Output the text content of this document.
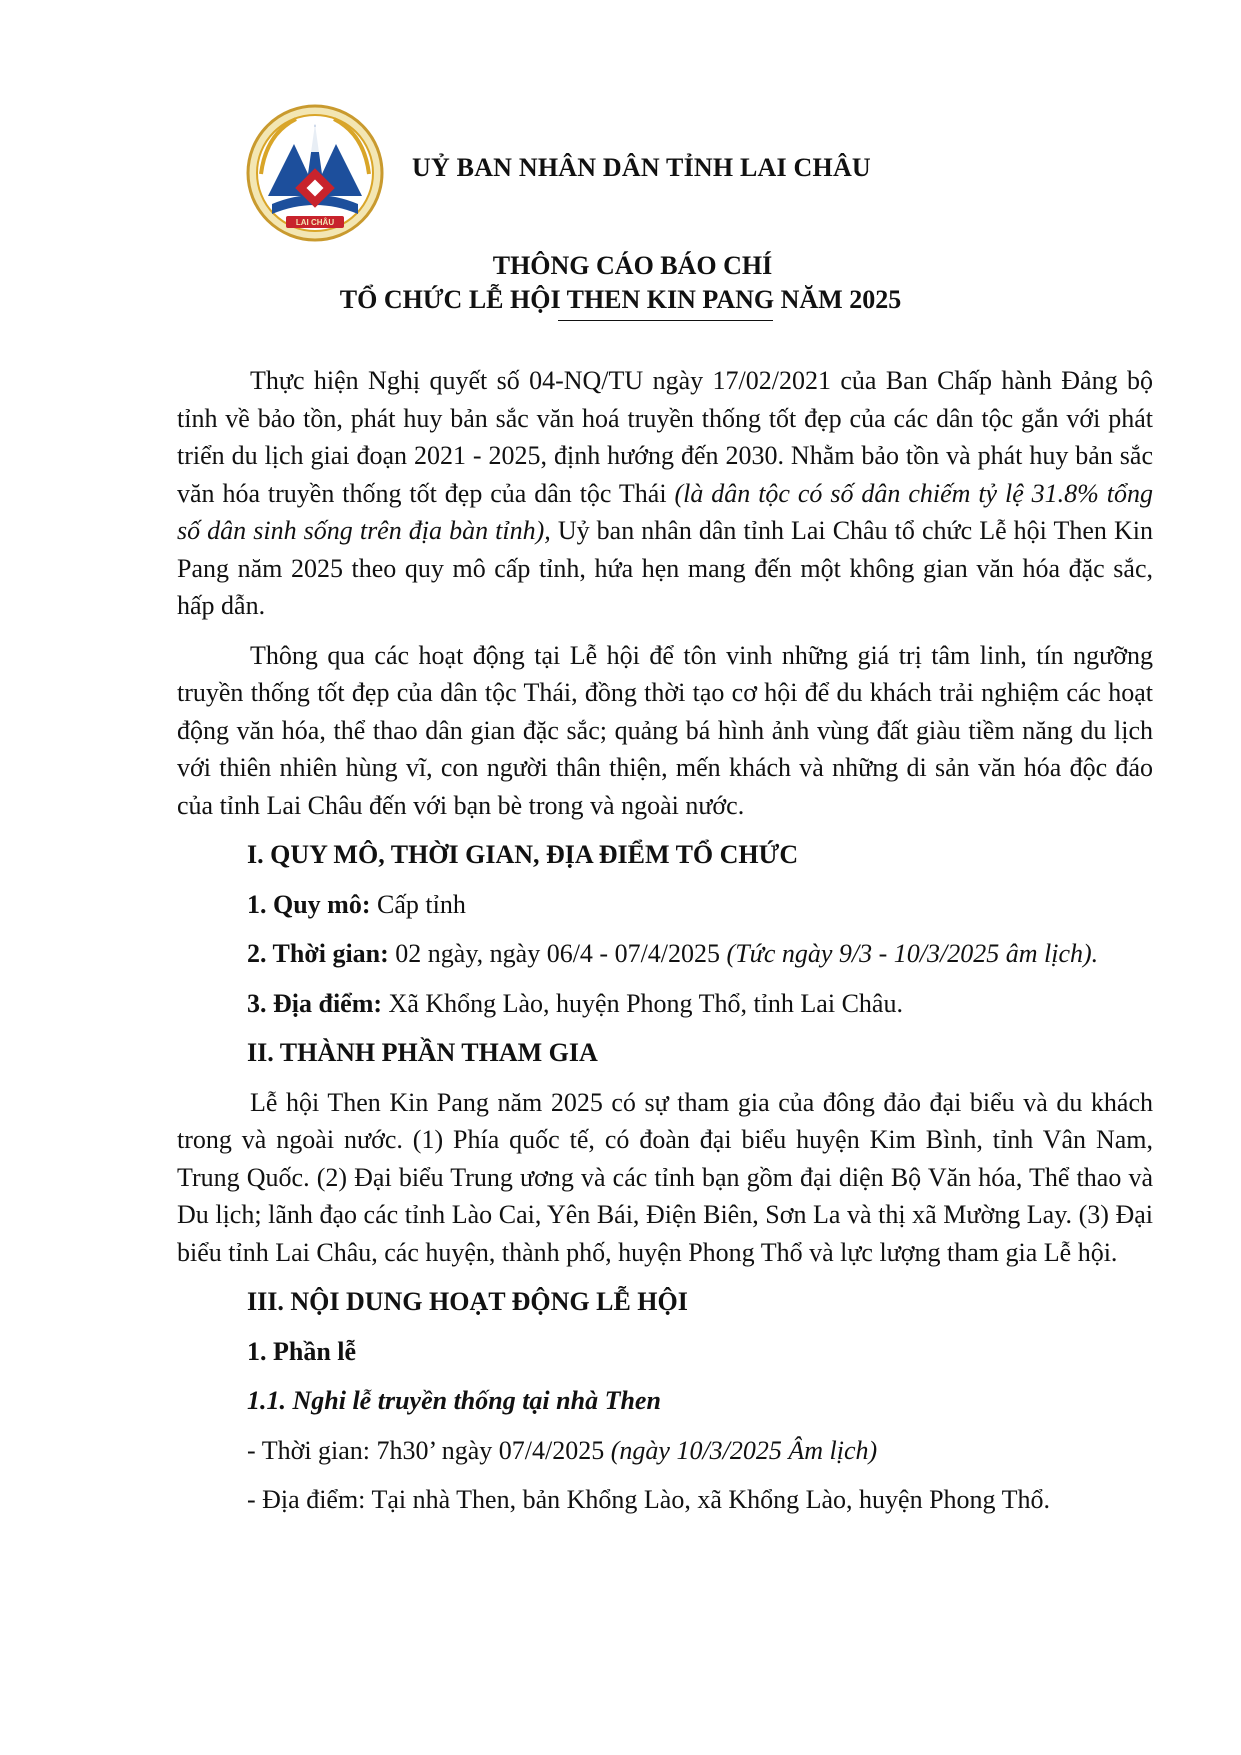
LAI CHÂU
UỶ BAN NHÂN DÂN TỈNH LAI CHÂU
THÔNG CÁO BÁO CHÍ
TỔ CHỨC LỄ HỘI THEN KIN PANG NĂM 2025

Thực hiện Nghị quyết số 04-NQ/TU ngày 17/02/2021 của Ban Chấp hành Đảng bộ tỉnh về bảo tồn, phát huy bản sắc văn hoá truyền thống tốt đẹp của các dân tộc gắn với phát triển du lịch giai đoạn 2021 - 2025, định hướng đến 2030. Nhằm bảo tồn và phát huy bản sắc văn hóa truyền thống tốt đẹp của dân tộc Thái (là dân tộc có số dân chiếm tỷ lệ 31.8% tổng số dân sinh sống trên địa bàn tỉnh), Uỷ ban nhân dân tỉnh Lai Châu tổ chức Lễ hội Then Kin Pang năm 2025 theo quy mô cấp tỉnh, hứa hẹn mang đến một không gian văn hóa đặc sắc, hấp dẫn.

Thông qua các hoạt động tại Lễ hội để tôn vinh những giá trị tâm linh, tín ngưỡng truyền thống tốt đẹp của dân tộc Thái, đồng thời tạo cơ hội để du khách trải nghiệm các hoạt động văn hóa, thể thao dân gian đặc sắc; quảng bá hình ảnh vùng đất giàu tiềm năng du lịch với thiên nhiên hùng vĩ, con người thân thiện, mến khách và những di sản văn hóa độc đáo của tỉnh Lai Châu đến với bạn bè trong và ngoài nước.

I. QUY MÔ, THỜI GIAN, ĐỊA ĐIỂM TỔ CHỨC
1. Quy mô: Cấp tỉnh
2. Thời gian: 02 ngày, ngày 06/4 - 07/4/2025 (Tức ngày 9/3 - 10/3/2025 âm lịch).
3. Địa điểm: Xã Khổng Lào, huyện Phong Thổ, tỉnh Lai Châu.
II. THÀNH PHẦN THAM GIA

Lễ hội Then Kin Pang năm 2025 có sự tham gia của đông đảo đại biểu và du khách trong và ngoài nước. (1) Phía quốc tế, có đoàn đại biểu huyện Kim Bình, tỉnh Vân Nam, Trung Quốc. (2) Đại biểu Trung ương và các tỉnh bạn gồm đại diện Bộ Văn hóa, Thể thao và Du lịch; lãnh đạo các tỉnh Lào Cai, Yên Bái, Điện Biên, Sơn La và thị xã Mường Lay. (3) Đại biểu tỉnh Lai Châu, các huyện, thành phố, huyện Phong Thổ và lực lượng tham gia Lễ hội.

III. NỘI DUNG HOẠT ĐỘNG LỄ HỘI
1. Phần lễ
1.1. Nghi lễ truyền thống tại nhà Then
- Thời gian: 7h30’ ngày 07/4/2025 (ngày 10/3/2025 Âm lịch)
- Địa điểm: Tại nhà Then, bản Khổng Lào, xã Khổng Lào, huyện Phong Thổ.
